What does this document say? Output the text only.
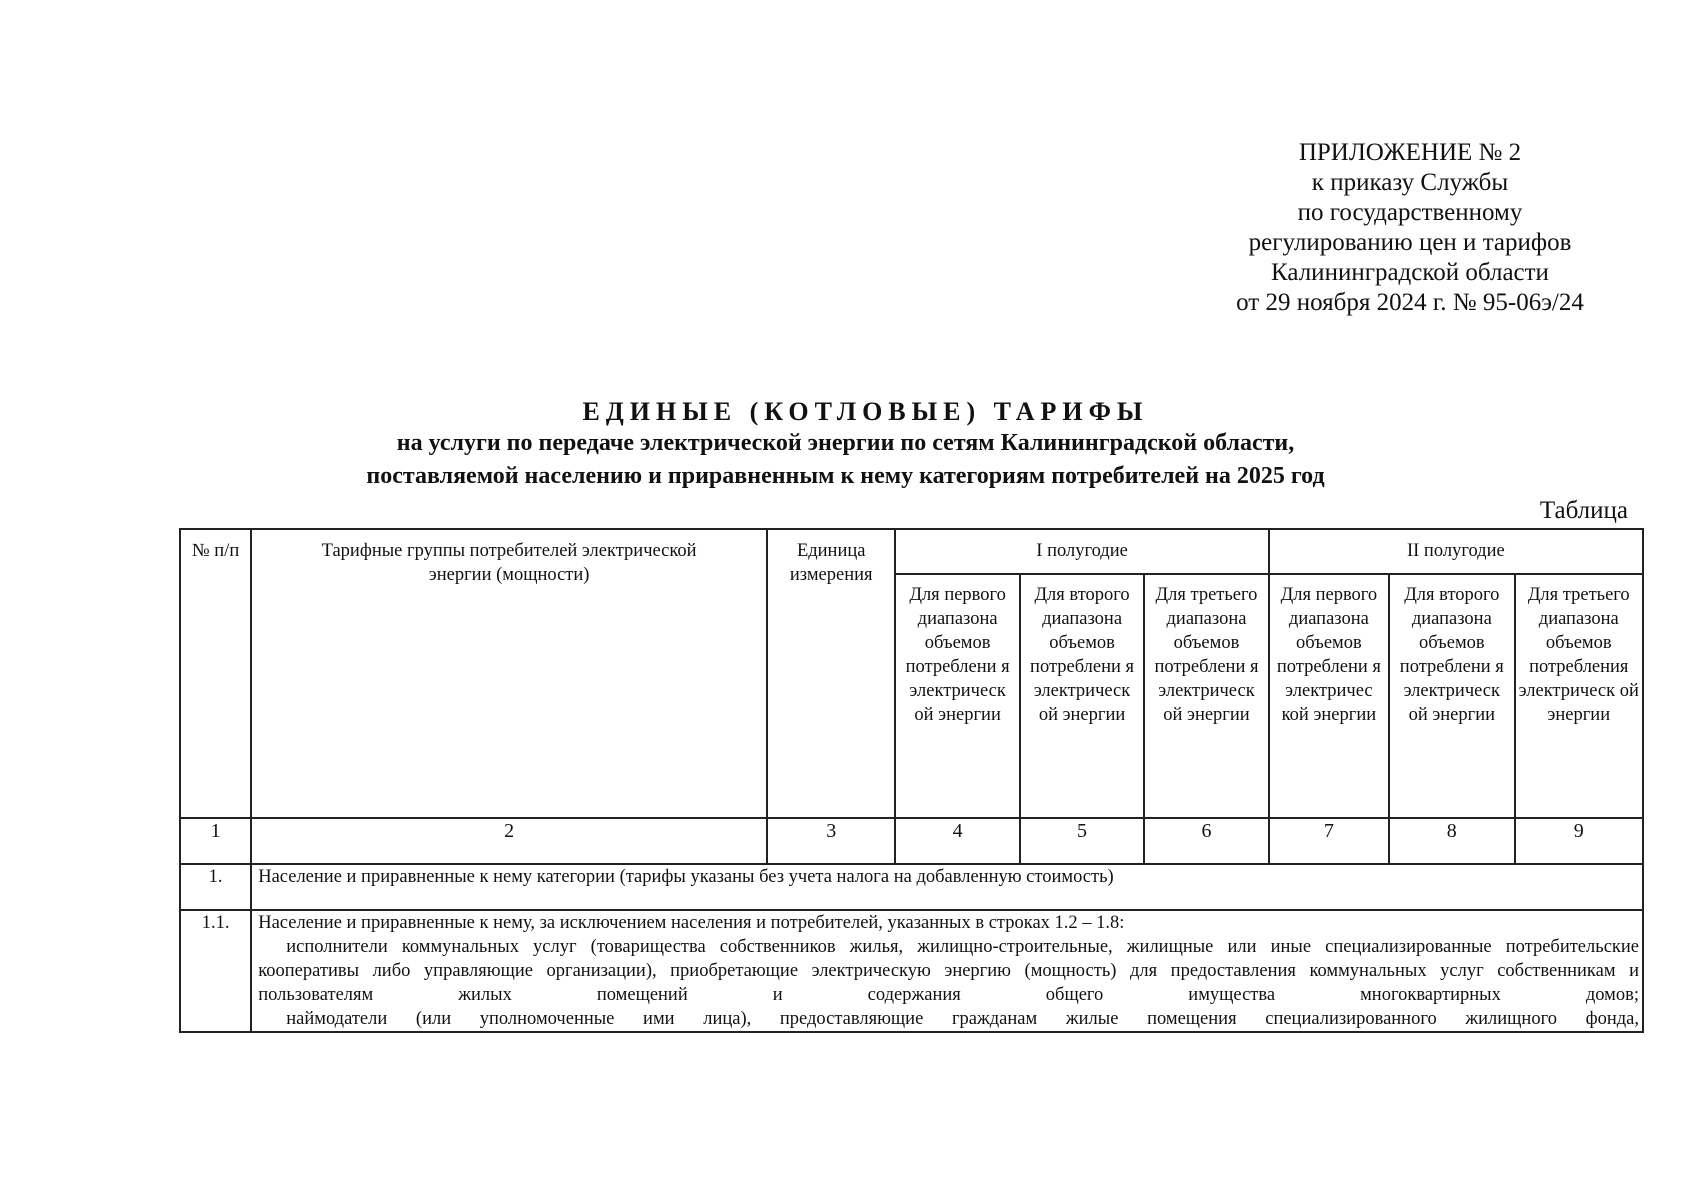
ПРИЛОЖЕНИЕ № 2
к приказу Службы
по государственному
регулированию цен и тарифов
Калининградской области
от 29 ноября 2024 г. № 95-06э/24
ЕДИНЫЕ (КОТЛОВЫЕ) ТАРИФЫ
на услуги по передаче электрической энергии по сетям Калининградской области,
поставляемой населению и приравненным к нему категориям потребителей на 2025 год
Таблица
№ п/п	Тарифные группы потребителей электрической энергии (мощности)	Единица измерения	I полугодие			II полугодие		
			Для первого диапазона объемов потреблени я электрическ ой энергии	Для второго диапазона объемов потреблени я электрическ ой энергии	Для третьего диапазона объемов потреблени я электрическ ой энергии	Для первого диапазона объемов потреблени я электричес кой энергии	Для второго диапазона объемов потреблени я электрическ ой энергии	Для третьего диапазона объемов потребления электрическ ой энергии
1	2	3	4	5	6	7	8	9
1.	Население и приравненные к нему категории (тарифы указаны без учета налога на добавленную стоимость)							
1.1.	Население и приравненные к нему, за исключением населения и потребителей, указанных в строках 1.2 – 1.8:
исполнители коммунальных услуг (товарищества собственников жилья, жилищно-строительные, жилищные или иные специализированные потребительские кооперативы либо управляющие организации), приобретающие электрическую энергию (мощность) для предоставления коммунальных услуг собственникам и пользователям жилых помещений и содержания общего имущества многоквартирных домов;
наймодатели (или уполномоченные ими лица), предоставляющие гражданам жилые помещения специализированного жилищного фонда,							
